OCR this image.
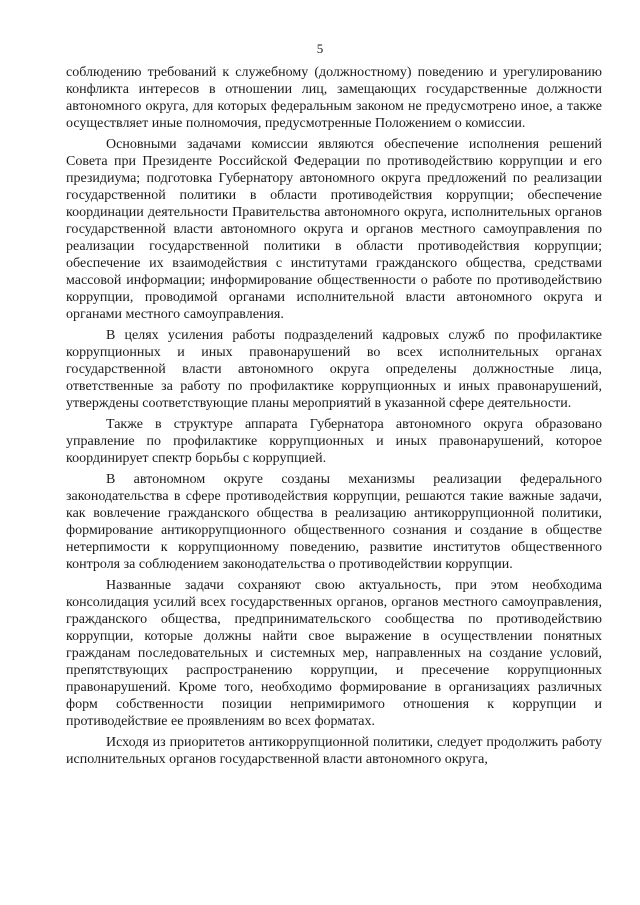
5

соблюдению требований к служебному (должностному) поведению и урегулированию конфликта интересов в отношении лиц, замещающих государственные должности автономного округа, для которых федеральным законом не предусмотрено иное, а также осуществляет иные полномочия, предусмотренные Положением о комиссии.

Основными задачами комиссии являются обеспечение исполнения решений Совета при Президенте Российской Федерации по противодействию коррупции и его президиума; подготовка Губернатору автономного округа предложений по реализации государственной политики в области противодействия коррупции; обеспечение координации деятельности Правительства автономного округа, исполнительных органов государственной власти автономного округа и органов местного самоуправления по реализации государственной политики в области противодействия коррупции; обеспечение их взаимодействия с институтами гражданского общества, средствами массовой информации; информирование общественности о работе по противодействию коррупции, проводимой органами исполнительной власти автономного округа и органами местного самоуправления.

В целях усиления работы подразделений кадровых служб по профилактике коррупционных и иных правонарушений во всех исполнительных органах государственной власти автономного округа определены должностные лица, ответственные за работу по профилактике коррупционных и иных правонарушений, утверждены соответствующие планы мероприятий в указанной сфере деятельности.

Также в структуре аппарата Губернатора автономного округа образовано управление по профилактике коррупционных и иных правонарушений, которое координирует спектр борьбы с коррупцией.

В автономном округе созданы механизмы реализации федерального законодательства в сфере противодействия коррупции, решаются такие важные задачи, как вовлечение гражданского общества в реализацию антикоррупционной политики, формирование антикоррупционного общественного сознания и создание в обществе нетерпимости к коррупционному поведению, развитие институтов общественного контроля за соблюдением законодательства о противодействии коррупции.

Названные задачи сохраняют свою актуальность, при этом необходима консолидация усилий всех государственных органов, органов местного самоуправления, гражданского общества, предпринимательского сообщества по противодействию коррупции, которые должны найти свое выражение в осуществлении понятных гражданам последовательных и системных мер, направленных на создание условий, препятствующих распространению коррупции, и пресечение коррупционных правонарушений. Кроме того, необходимо формирование в организациях различных форм собственности позиции непримиримого отношения к коррупции и противодействие ее проявлениям во всех форматах.

Исходя из приоритетов антикоррупционной политики, следует продолжить работу исполнительных органов государственной власти автономного округа,
